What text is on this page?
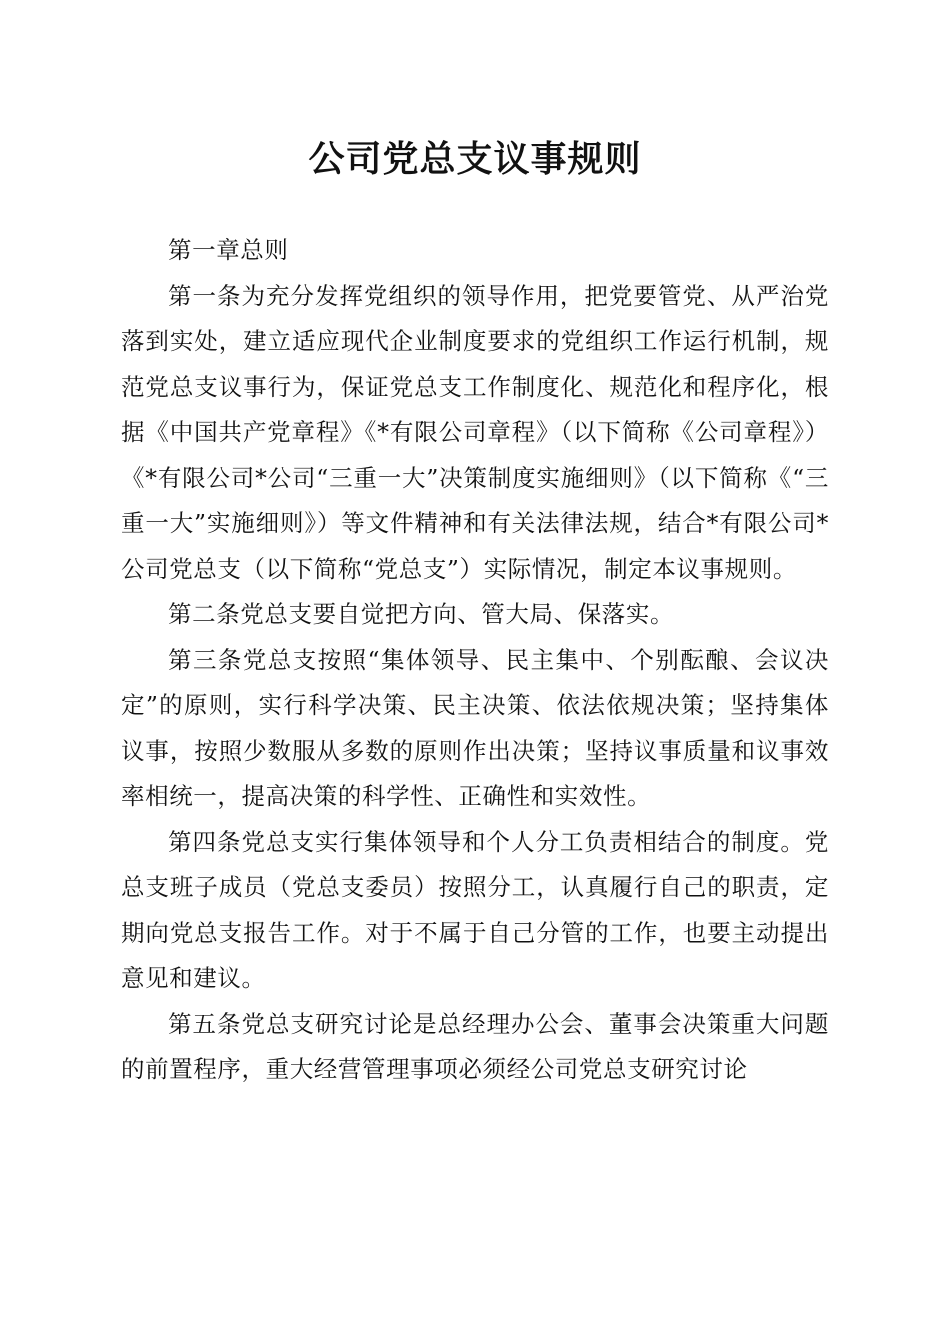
公司党总支议事规则

第一章总则

第一条为充分发挥党组织的领导作用，把党要管党、从严治党落到实处，建立适应现代企业制度要求的党组织工作运行机制，规范党总支议事行为，保证党总支工作制度化、规范化和程序化，根据《中国共产党章程》《*有限公司章程》（以下简称《公司章程》）《*有限公司*公司“三重一大”决策制度实施细则》（以下简称《“三重一大”实施细则》）等文件精神和有关法律法规，结合*有限公司*公司党总支（以下简称“党总支”）实际情况，制定本议事规则。

第二条党总支要自觉把方向、管大局、保落实。

第三条党总支按照“集体领导、民主集中、个别酝酿、会议决定”的原则，实行科学决策、民主决策、依法依规决策；坚持集体议事，按照少数服从多数的原则作出决策；坚持议事质量和议事效率相统一，提高决策的科学性、正确性和实效性。

第四条党总支实行集体领导和个人分工负责相结合的制度。党总支班子成员（党总支委员）按照分工，认真履行自己的职责，定期向党总支报告工作。对于不属于自己分管的工作，也要主动提出意见和建议。

第五条党总支研究讨论是总经理办公会、董事会决策重大问题的前置程序，重大经营管理事项必须经公司党总支研究讨论
